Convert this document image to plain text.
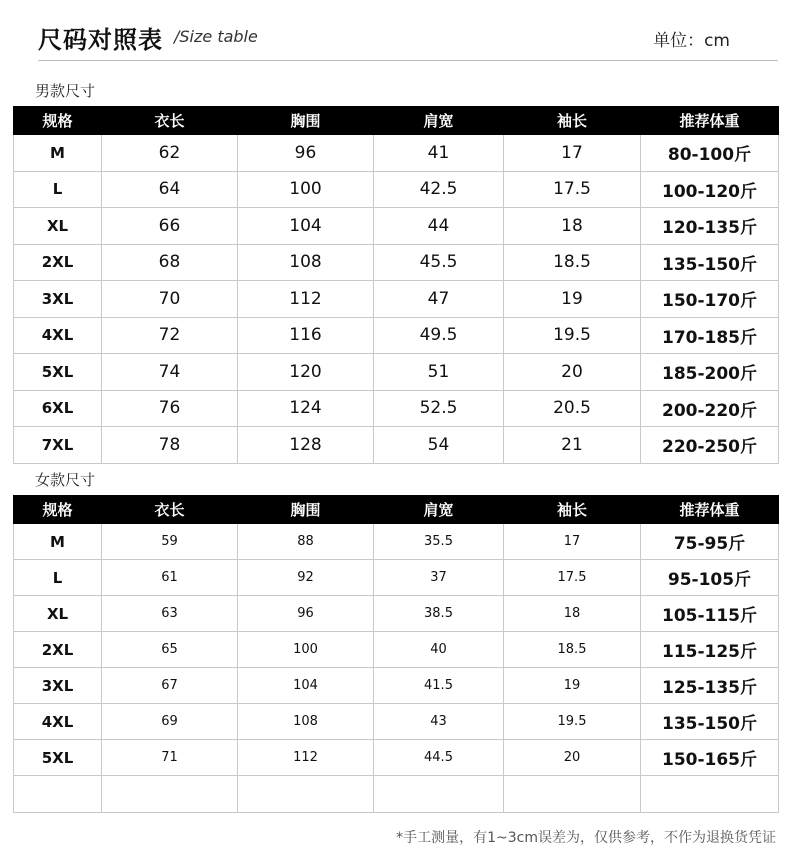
尺码对照表 /Size table	单位：cm
男款尺寸
规格	衣长	胸围	肩宽	袖长	推荐体重
M	62	96	41	17	80-100斤
L	64	100	42.5	17.5	100-120斤
XL	66	104	44	18	120-135斤
2XL	68	108	45.5	18.5	135-150斤
3XL	70	112	47	19	150-170斤
4XL	72	116	49.5	19.5	170-185斤
5XL	74	120	51	20	185-200斤
6XL	76	124	52.5	20.5	200-220斤
7XL	78	128	54	21	220-250斤
女款尺寸
规格	衣长	胸围	肩宽	袖长	推荐体重
M	59	88	35.5	17	75-95斤
L	61	92	37	17.5	95-105斤
XL	63	96	38.5	18	105-115斤
2XL	65	100	40	18.5	115-125斤
3XL	67	104	41.5	19	125-135斤
4XL	69	108	43	19.5	135-150斤
5XL	71	112	44.5	20	150-165斤

*手工测量，有1~3cm误差为，仅供参考，不作为退换货凭证
